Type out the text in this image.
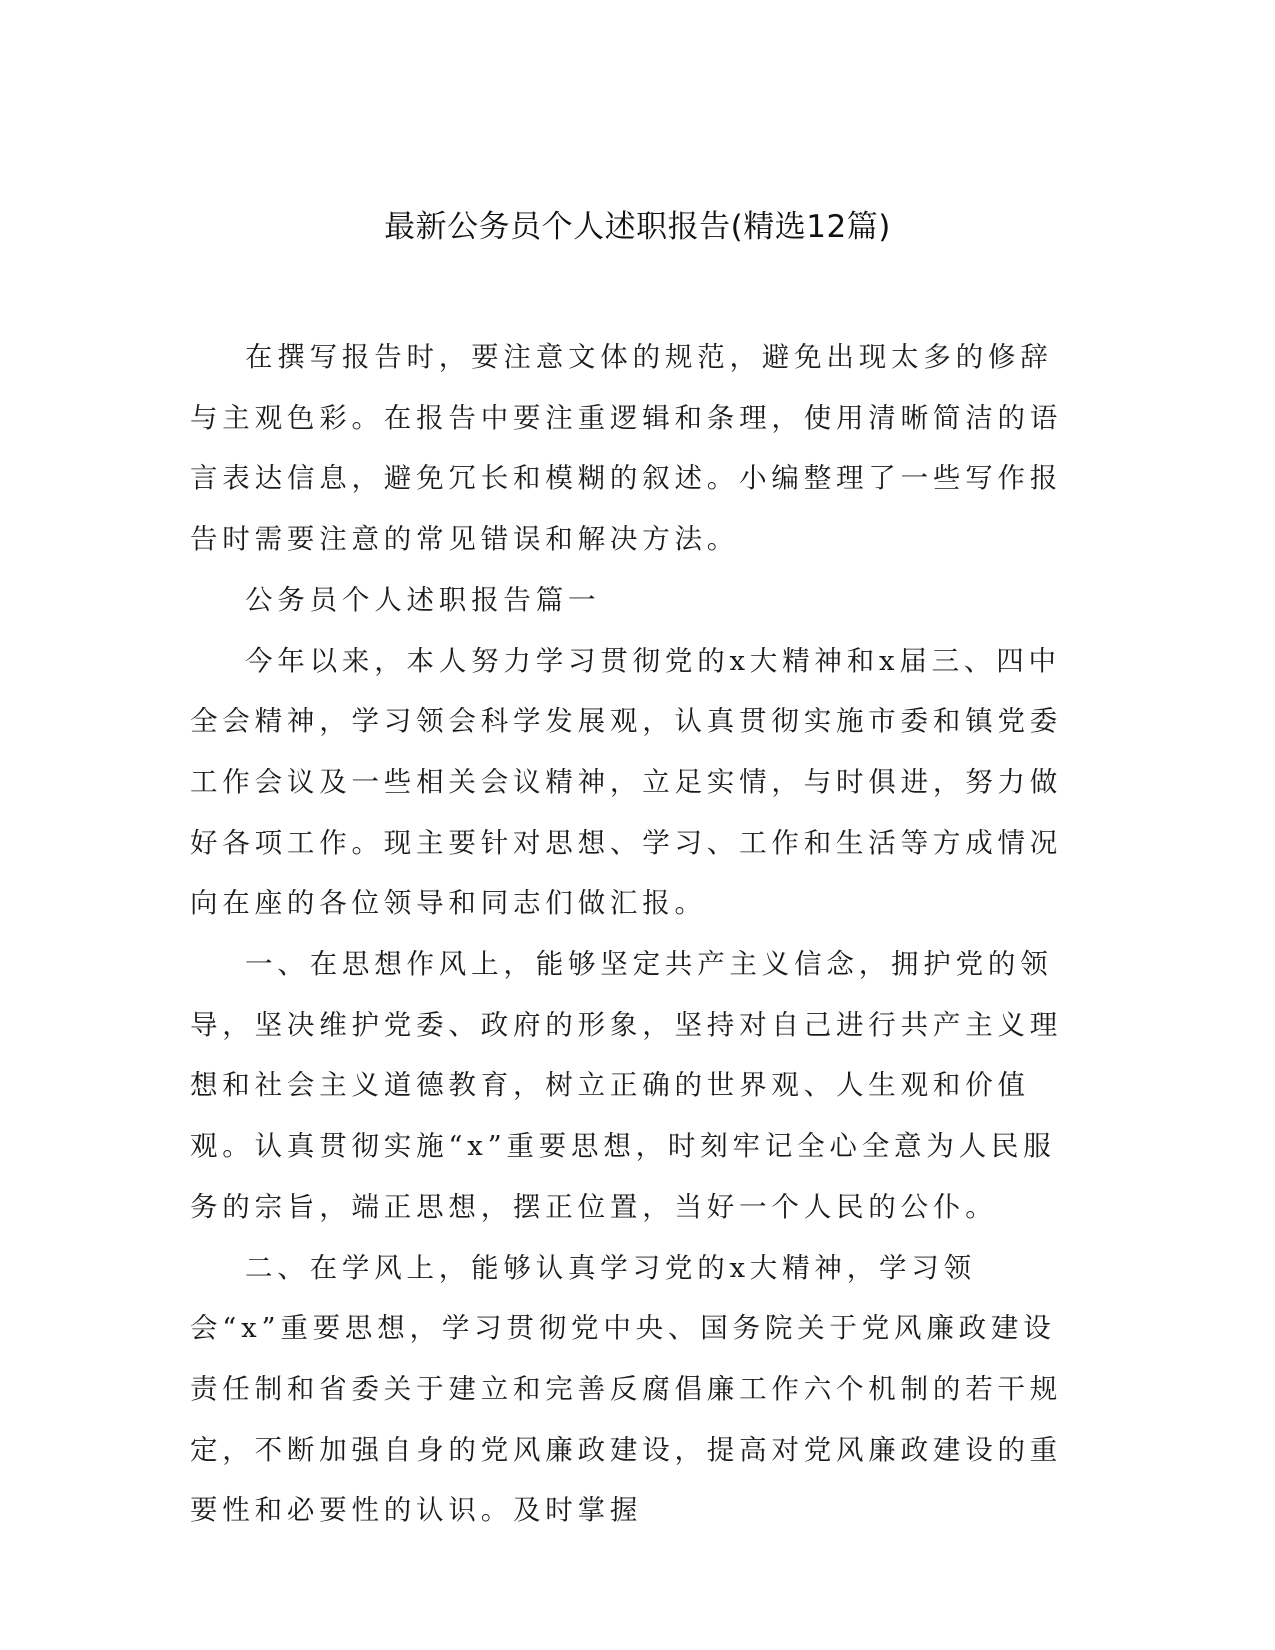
最新公务员个人述职报告(精选12篇)

在撰写报告时，要注意文体的规范，避免出现太多的修辞与主观色彩。在报告中要注重逻辑和条理，使用清晰简洁的语言表达信息，避免冗长和模糊的叙述。小编整理了一些写作报告时需要注意的常见错误和解决方法。

公务员个人述职报告篇一

今年以来，本人努力学习贯彻党的x大精神和x届三、四中全会精神，学习领会科学发展观，认真贯彻实施市委和镇党委工作会议及一些相关会议精神，立足实情，与时俱进，努力做好各项工作。现主要针对思想、学习、工作和生活等方成情况向在座的各位领导和同志们做汇报。

一、在思想作风上，能够坚定共产主义信念，拥护党的领导，坚决维护党委、政府的形象，坚持对自己进行共产主义理想和社会主义道德教育，树立正确的世界观、人生观和价值观。认真贯彻实施“x”重要思想，时刻牢记全心全意为人民服务的宗旨，端正思想，摆正位置，当好一个人民的公仆。

二、在学风上，能够认真学习党的x大精神，学习领会“x”重要思想，学习贯彻党中央、国务院关于党风廉政建设责任制和省委关于建立和完善反腐倡廉工作六个机制的若干规定，不断加强自身的党风廉政建设，提高对党风廉政建设的重要性和必要性的认识。及时掌握
